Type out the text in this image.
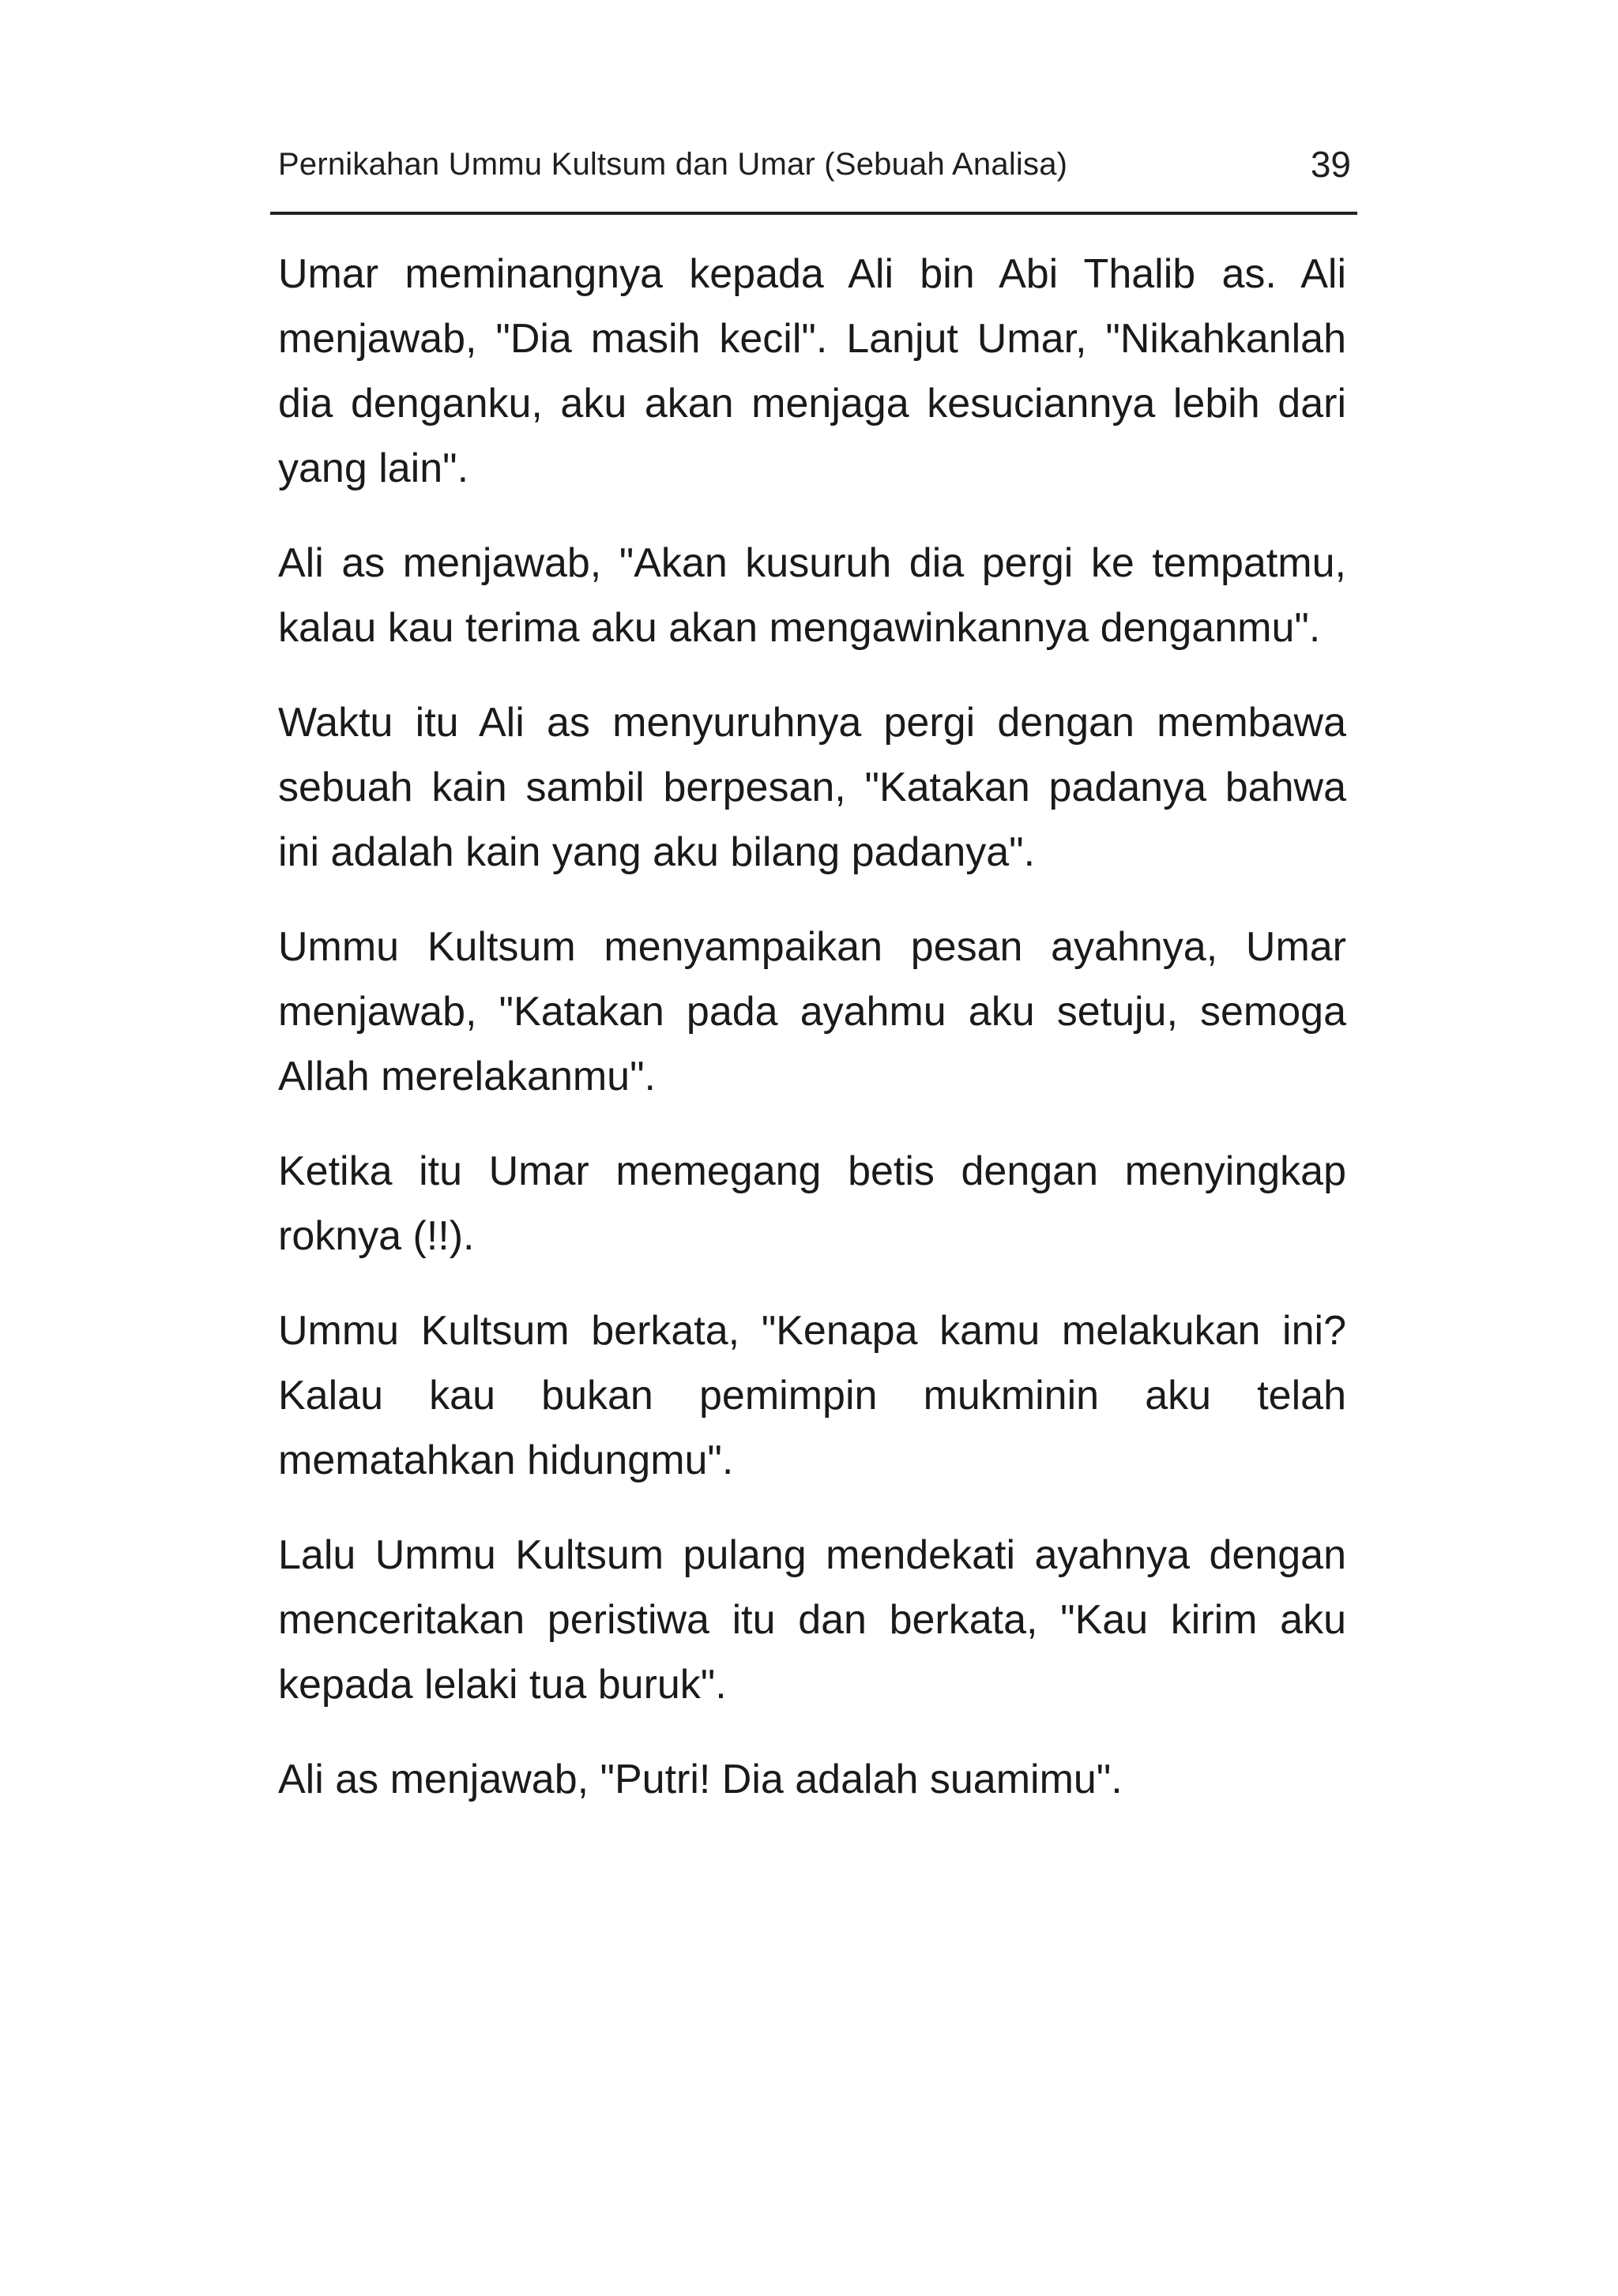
Pernikahan Ummu Kultsum dan Umar (Sebuah Analisa)	39

Umar meminangnya kepada Ali bin Abi Thalib as. Ali menjawab, "Dia masih kecil". Lanjut Umar, "Nikahkanlah dia denganku, aku akan menjaga kesuciannya lebih dari yang lain".

Ali as menjawab, "Akan kusuruh dia pergi ke tempatmu, kalau kau terima aku akan mengawinkannya denganmu".

Waktu itu Ali as menyuruhnya pergi dengan membawa sebuah kain sambil berpesan, "Katakan padanya bahwa ini adalah kain yang aku bilang padanya".

Ummu Kultsum menyampaikan pesan ayahnya, Umar menjawab, "Katakan pada ayahmu aku setuju, semoga Allah merelakanmu".

Ketika itu Umar memegang betis dengan menyingkap roknya (!!).

Ummu Kultsum berkata, "Kenapa kamu melakukan ini? Kalau kau bukan pemimpin mukminin aku telah mematahkan hidungmu".

Lalu Ummu Kultsum pulang mendekati ayahnya dengan menceritakan peristiwa itu dan berkata, "Kau kirim aku kepada lelaki tua buruk".

Ali as menjawab, "Putri! Dia adalah suamimu".
